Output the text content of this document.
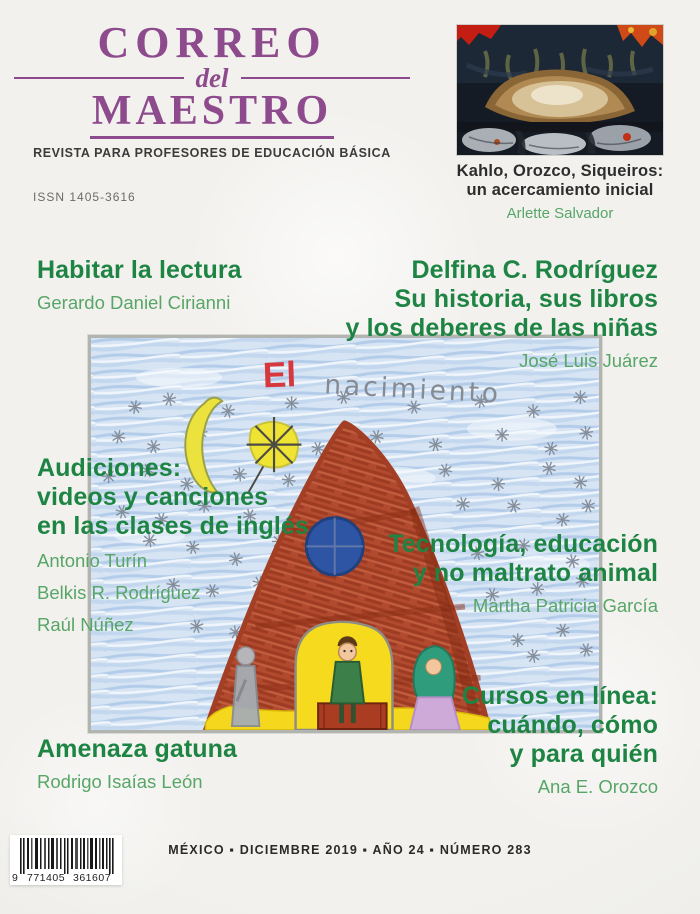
CORREO
del
MAESTRO
REVISTA PARA PROFESORES DE EDUCACIÓN BÁSICA
ISSN 1405-3616
Kahlo, Orozco, Siqueiros:
un acercamiento inicial
Arlette Salvador
Habitar la lectura
Gerardo Daniel Cirianni
Delfina C. Rodríguez
Su historia, sus libros
y los deberes de las niñas
José Luis Juárez
Audiciones:
videos y canciones
en las clases de inglés
Antonio Turín
Belkis R. Rodríguez
Raúl Núñez
Tecnología, educación
y no maltrato animal
Martha Patricia García
Cursos en línea:
cuándo, cómo
y para quién
Ana E. Orozco
Amenaza gatuna
Rodrigo Isaías León
El nacimiento
MÉXICO ▪ DICIEMBRE 2019 ▪ AÑO 24 ▪ NÚMERO 283
9 771405 361607
